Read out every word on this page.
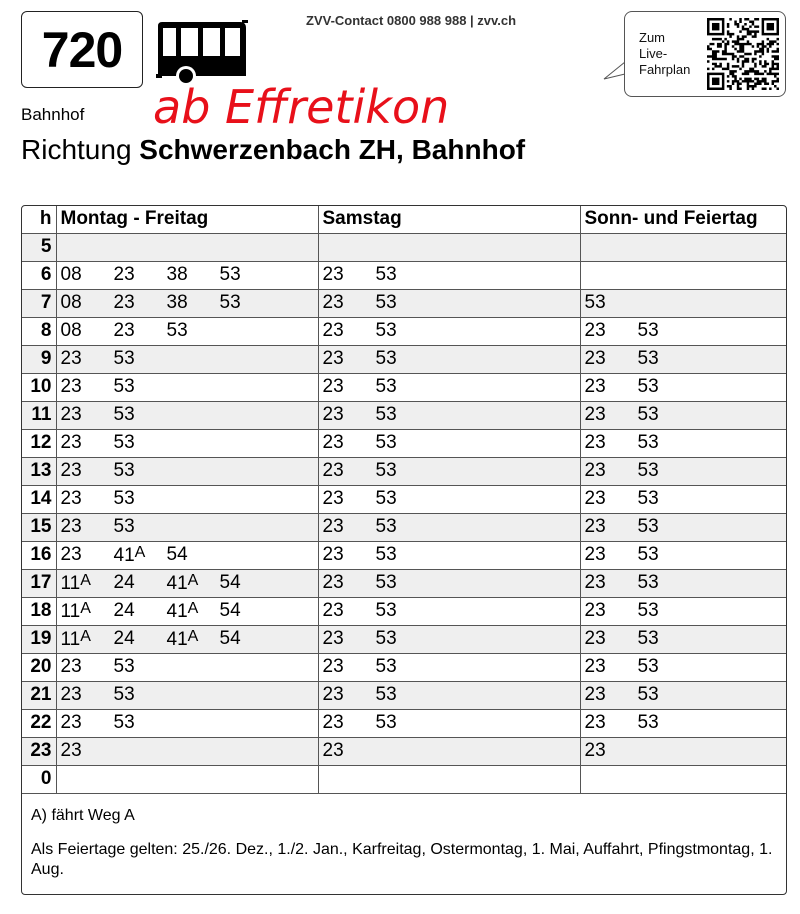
720
ZVV-Contact 0800 988 988 | zvv.ch
Bahnhof ab Effretikon
Richtung Schwerzenbach ZH, Bahnhof
Zum
Live-
Fahrplan
h	Montag - Freitag	Samstag	Sonn- und Feiertag
5	

6	08 23 38 53	23 53	

7	08 23 38 53	23 53	53

8	08 23 53	23 53	23 53

9	23 53	23 53	23 53

10	23 53	23 53	23 53

11	23 53	23 53	23 53

12	23 53	23 53	23 53

13	23 53	23 53	23 53

14	23 53	23 53	23 53

15	23 53	23 53	23 53

16	23 41$^A$ 54	23 53	23 53

17	11$^A$ 24 41$^A$ 54	23 53	23 53

18	11$^A$ 24 41$^A$ 54	23 53	23 53

19	11$^A$ 24 41$^A$ 54	23 53	23 53

20	23 53	23 53	23 53

21	23 53	23 53	23 53

22	23 53	23 53	23 53

23	23	23	23

0	

A) fährt Weg A

Als Feiertage gelten: 25./26. Dez., 1./2. Jan., Karfreitag, Ostermontag, 1. Mai, Auffahrt, Pfingstmontag, 1. Aug.
